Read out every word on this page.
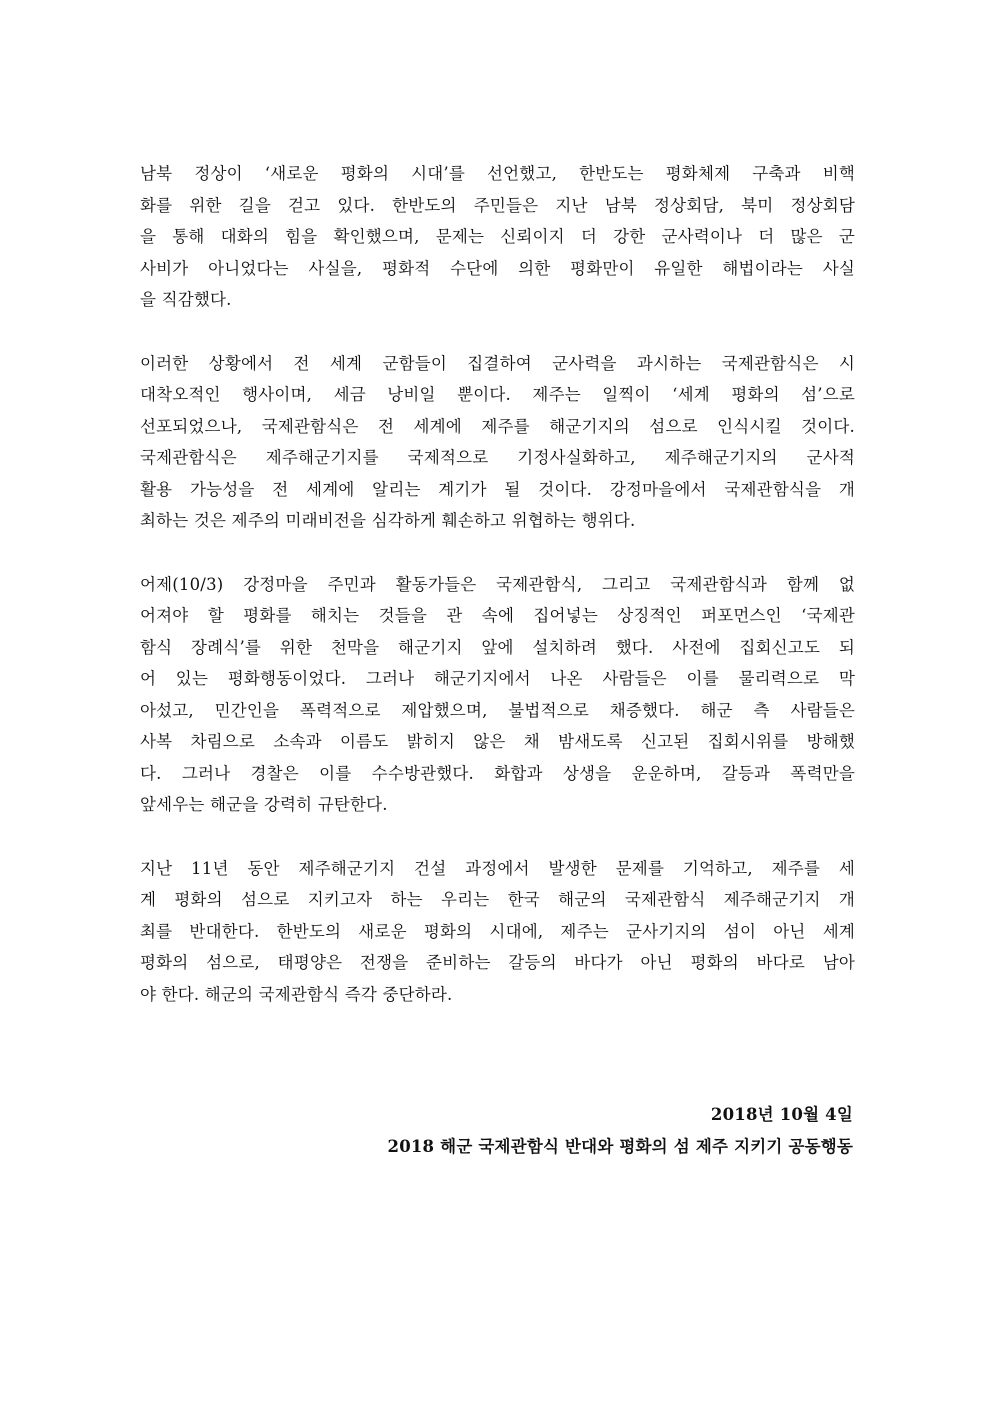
남북 정상이 ‘새로운 평화의 시대’를 선언했고, 한반도는 평화체제 구축과 비핵
화를 위한 길을 걷고 있다. 한반도의 주민들은 지난 남북 정상회담, 북미 정상회담
을 통해 대화의 힘을 확인했으며, 문제는 신뢰이지 더 강한 군사력이나 더 많은 군
사비가 아니었다는 사실을, 평화적 수단에 의한 평화만이 유일한 해법이라는 사실
을 직감했다.

이러한 상황에서 전 세계 군함들이 집결하여 군사력을 과시하는 국제관함식은 시
대착오적인 행사이며, 세금 낭비일 뿐이다. 제주는 일찍이 ‘세계 평화의 섬’으로
선포되었으나, 국제관함식은 전 세계에 제주를 해군기지의 섬으로 인식시킬 것이다.
국제관함식은 제주해군기지를 국제적으로 기정사실화하고, 제주해군기지의 군사적
활용 가능성을 전 세계에 알리는 계기가 될 것이다. 강정마을에서 국제관함식을 개
최하는 것은 제주의 미래비전을 심각하게 훼손하고 위협하는 행위다.

어제(10/3) 강정마을 주민과 활동가들은 국제관함식, 그리고 국제관함식과 함께 없
어져야 할 평화를 해치는 것들을 관 속에 집어넣는 상징적인 퍼포먼스인 ‘국제관
함식 장례식’를 위한 천막을 해군기지 앞에 설치하려 했다. 사전에 집회신고도 되
어 있는 평화행동이었다. 그러나 해군기지에서 나온 사람들은 이를 물리력으로 막
아섰고, 민간인을 폭력적으로 제압했으며, 불법적으로 채증했다. 해군 측 사람들은
사복 차림으로 소속과 이름도 밝히지 않은 채 밤새도록 신고된 집회시위를 방해했
다. 그러나 경찰은 이를 수수방관했다. 화합과 상생을 운운하며, 갈등과 폭력만을
앞세우는 해군을 강력히 규탄한다.

지난 11년 동안 제주해군기지 건설 과정에서 발생한 문제를 기억하고, 제주를 세
계 평화의 섬으로 지키고자 하는 우리는 한국 해군의 국제관함식 제주해군기지 개
최를 반대한다. 한반도의 새로운 평화의 시대에, 제주는 군사기지의 섬이 아닌 세계
평화의 섬으로, 태평양은 전쟁을 준비하는 갈등의 바다가 아닌 평화의 바다로 남아
야 한다. 해군의 국제관함식 즉각 중단하라.

2018년 10월 4일
2018 해군 국제관함식 반대와 평화의 섬 제주 지키기 공동행동
